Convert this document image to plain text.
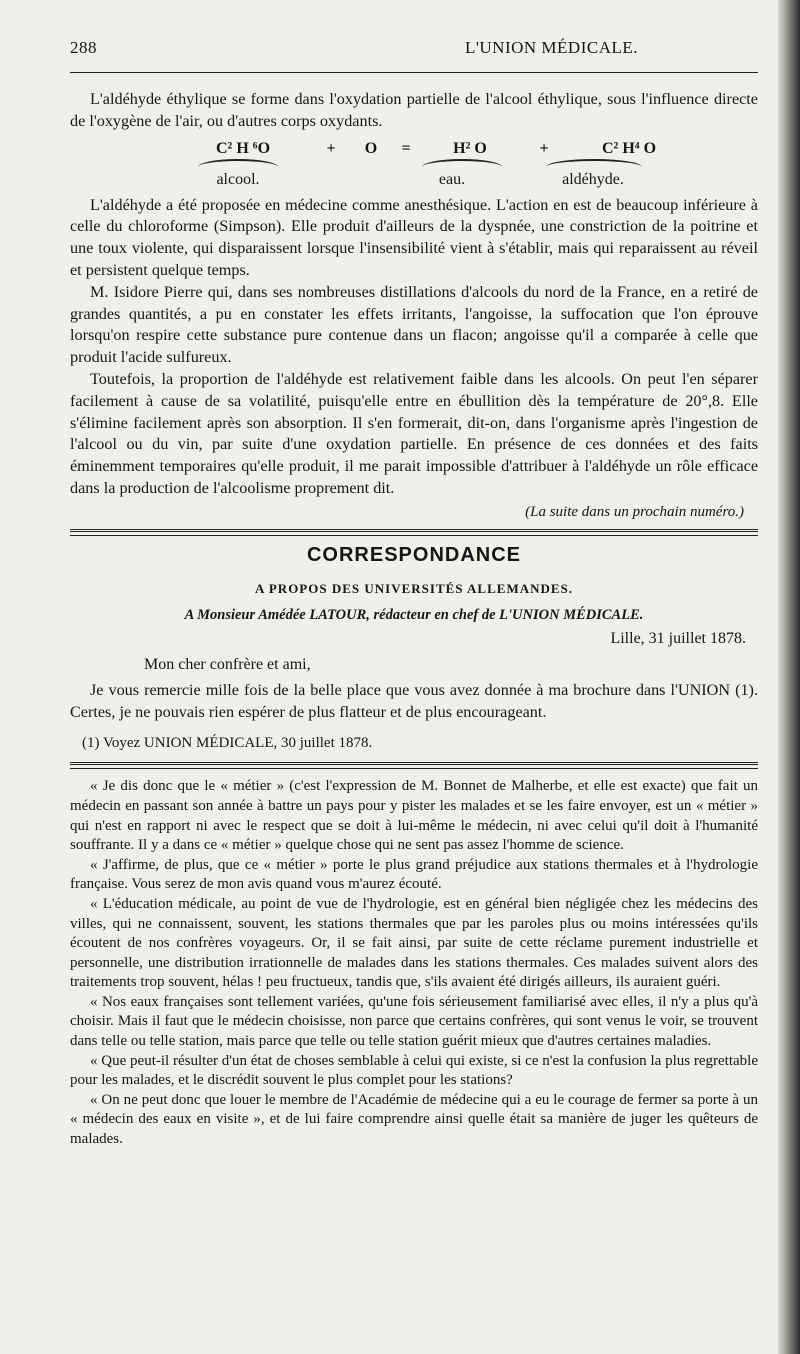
288	L'UNION MÉDICALE.

L'aldéhyde éthylique se forme dans l'oxydation partielle de l'alcool éthylique, sous l'influence directe de l'oxygène de l'air, ou d'autres corps oxydants.

C² H ⁶O	+	O	=	H² O	+	C² H⁴ O
alcool.	eau.	aldéhyde.

L'aldéhyde a été proposée en médecine comme anesthésique. L'action en est de beaucoup inférieure à celle du chloroforme (Simpson). Elle produit d'ailleurs de la dyspnée, une constriction de la poitrine et une toux violente, qui disparaissent lorsque l'insensibilité vient à s'établir, mais qui reparaissent au réveil et persistent quelque temps.

M. Isidore Pierre qui, dans ses nombreuses distillations d'alcools du nord de la France, en a retiré de grandes quantités, a pu en constater les effets irritants, l'angoisse, la suffocation que l'on éprouve lorsqu'on respire cette substance pure contenue dans un flacon; angoisse qu'il a comparée à celle que produit l'acide sulfureux.

Toutefois, la proportion de l'aldéhyde est relativement faible dans les alcools. On peut l'en séparer facilement à cause de sa volatilité, puisqu'elle entre en ébullition dès la température de 20°,8. Elle s'élimine facilement après son absorption. Il s'en formerait, dit-on, dans l'organisme après l'ingestion de l'alcool ou du vin, par suite d'une oxydation partielle. En présence de ces données et des faits éminemment temporaires qu'elle produit, il me parait impossible d'attribuer à l'aldéhyde un rôle efficace dans la production de l'alcoolisme proprement dit.

(La suite dans un prochain numéro.)
CORRESPONDANCE
A PROPOS DES UNIVERSITÉS ALLEMANDES.
A Monsieur Amédée LATOUR, rédacteur en chef de L'UNION MÉDICALE.
Lille, 31 juillet 1878.
Mon cher confrère et ami,

Je vous remercie mille fois de la belle place que vous avez donnée à ma brochure dans l'UNION (1). Certes, je ne pouvais rien espérer de plus flatteur et de plus encourageant.

(1) Voyez UNION MÉDICALE, 30 juillet 1878.

« Je dis donc que le « métier » (c'est l'expression de M. Bonnet de Malherbe, et elle est exacte) que fait un médecin en passant son année à battre un pays pour y pister les malades et se les faire envoyer, est un « métier » qui n'est en rapport ni avec le respect que se doit à lui-même le médecin, ni avec celui qu'il doit à l'humanité souffrante. Il y a dans ce « métier » quelque chose qui ne sent pas assez l'homme de science.

« J'affirme, de plus, que ce « métier » porte le plus grand préjudice aux stations thermales et à l'hydrologie française. Vous serez de mon avis quand vous m'aurez écouté.

« L'éducation médicale, au point de vue de l'hydrologie, est en général bien négligée chez les médecins des villes, qui ne connaissent, souvent, les stations thermales que par les paroles plus ou moins intéressées qu'ils écoutent de nos confrères voyageurs. Or, il se fait ainsi, par suite de cette réclame purement industrielle et personnelle, une distribution irrationnelle de malades dans les stations thermales. Ces malades suivent alors des traitements trop souvent, hélas ! peu fructueux, tandis que, s'ils avaient été dirigés ailleurs, ils auraient guéri.

« Nos eaux françaises sont tellement variées, qu'une fois sérieusement familiarisé avec elles, il n'y a plus qu'à choisir. Mais il faut que le médecin choisisse, non parce que certains confrères, qui sont venus le voir, se trouvent dans telle ou telle station, mais parce que telle ou telle station guérit mieux que d'autres certaines maladies.

« Que peut-il résulter d'un état de choses semblable à celui qui existe, si ce n'est la confusion la plus regrettable pour les malades, et le discrédit souvent le plus complet pour les stations?

« On ne peut donc que louer le membre de l'Académie de médecine qui a eu le courage de fermer sa porte à un « médecin des eaux en visite », et de lui faire comprendre ainsi quelle était sa manière de juger les quêteurs de malades.
